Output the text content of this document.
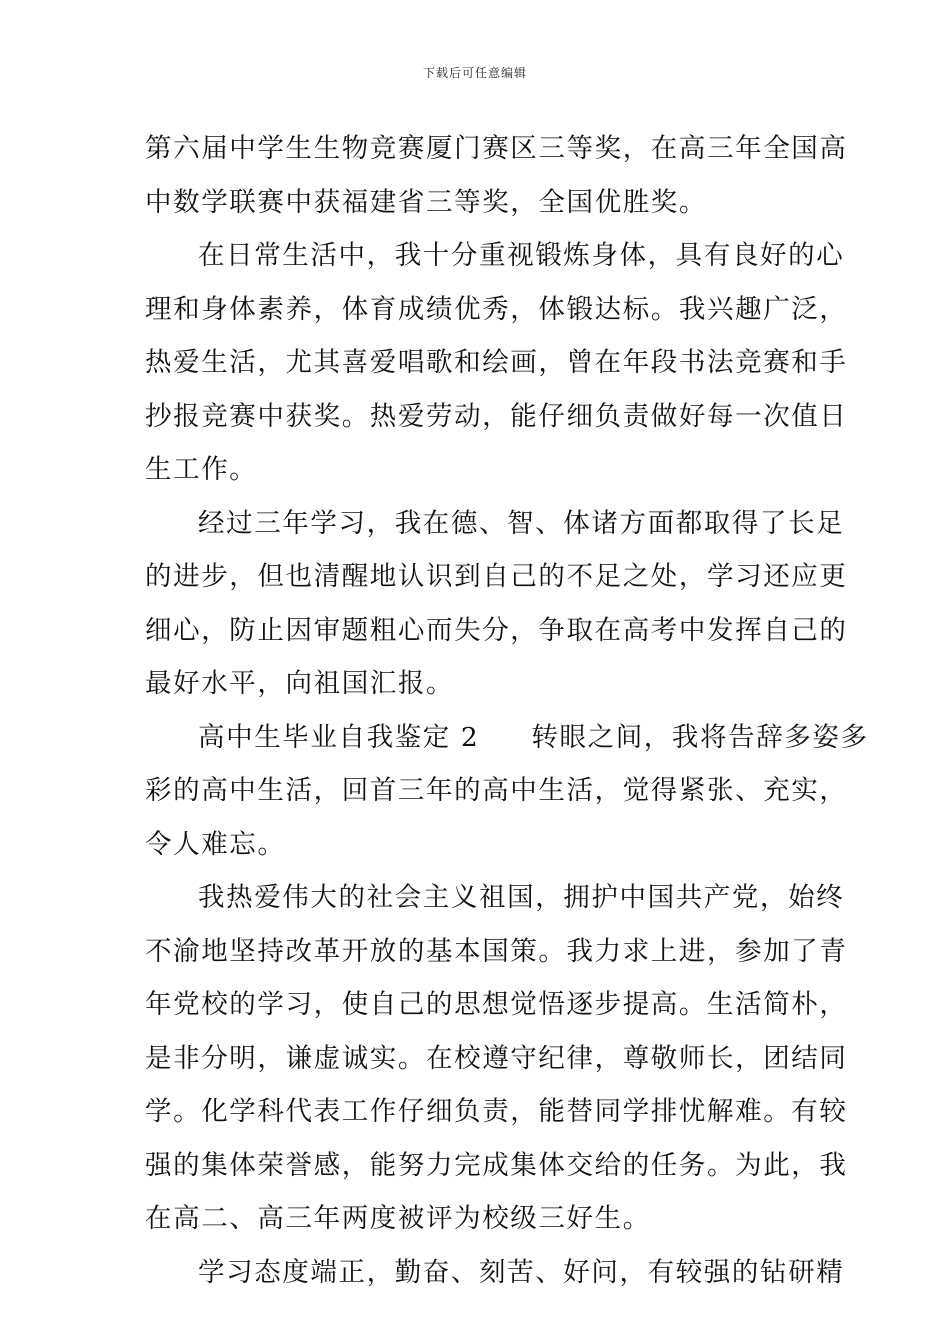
下载后可任意编辑

第六届中学生生物竞赛厦门赛区三等奖，在高三年全国高
中数学联赛中获福建省三等奖，全国优胜奖。

在日常生活中，我十分重视锻炼身体，具有良好的心
理和身体素养，体育成绩优秀，体锻达标。我兴趣广泛，
热爱生活，尤其喜爱唱歌和绘画，曾在年段书法竞赛和手
抄报竞赛中获奖。热爱劳动，能仔细负责做好每一次值日
生工作。

经过三年学习，我在德、智、体诸方面都取得了长足
的进步，但也清醒地认识到自己的不足之处，学习还应更
细心，防止因审题粗心而失分，争取在高考中发挥自己的
最好水平，向祖国汇报。

高中生毕业自我鉴定 2 转眼之间，我将告辞多姿多
彩的高中生活，回首三年的高中生活，觉得紧张、充实，
令人难忘。

我热爱伟大的社会主义祖国，拥护中国共产党，始终
不渝地坚持改革开放的基本国策。我力求上进，参加了青
年党校的学习，使自己的思想觉悟逐步提高。生活简朴，
是非分明，谦虚诚实。在校遵守纪律，尊敬师长，团结同
学。化学科代表工作仔细负责，能替同学排忧解难。有较
强的集体荣誉感，能努力完成集体交给的任务。为此，我
在高二、高三年两度被评为校级三好生。

学习态度端正，勤奋、刻苦、好问，有较强的钻研精
